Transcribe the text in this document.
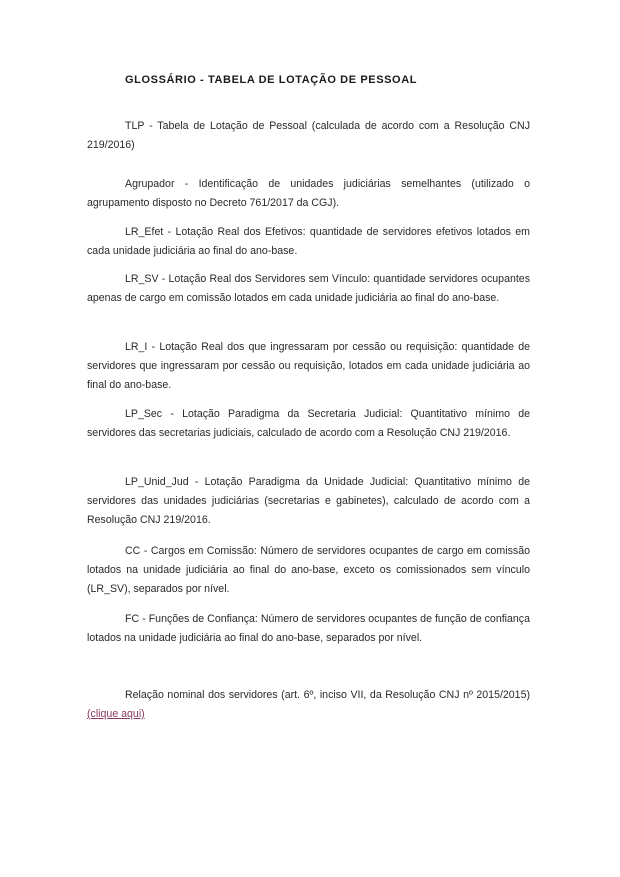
GLOSSÁRIO - TABELA DE LOTAÇÃO DE PESSOAL

TLP - Tabela de Lotação de Pessoal (calculada de acordo com a Resolução CNJ 219/2016)

Agrupador - Identificação de unidades judiciárias semelhantes (utilizado o agrupamento disposto no Decreto 761/2017 da CGJ).

LR_Efet - Lotação Real dos Efetivos: quantidade de servidores efetivos lotados em cada unidade judiciária ao final do ano-base.

LR_SV - Lotação Real dos Servidores sem Vínculo: quantidade servidores ocupantes apenas de cargo em comissão lotados em cada unidade judiciária ao final do ano-base.

LR_I - Lotação Real dos que ingressaram por cessão ou requisição: quantidade de servidores que ingressaram por cessão ou requisição, lotados em cada unidade judiciária ao final do ano-base.

LP_Sec - Lotação Paradigma da Secretaria Judicial: Quantitativo mínimo de servidores das secretarias judiciais, calculado de acordo com a Resolução CNJ 219/2016.

LP_Unid_Jud - Lotação Paradigma da Unidade Judicial: Quantitativo mínimo de servidores das unidades judiciárias (secretarias e gabinetes), calculado de acordo com a Resolução CNJ 219/2016.

CC - Cargos em Comissão: Número de servidores ocupantes de cargo em comissão lotados na unidade judiciária ao final do ano-base, exceto os comissionados sem vínculo (LR_SV), separados por nível.

FC - Funções de Confiança: Número de servidores ocupantes de função de confiança lotados na unidade judiciária ao final do ano-base, separados por nível.

Relação nominal dos servidores (art. 6º, inciso VII, da Resolução CNJ nº 2015/2015) (clique aqui)
